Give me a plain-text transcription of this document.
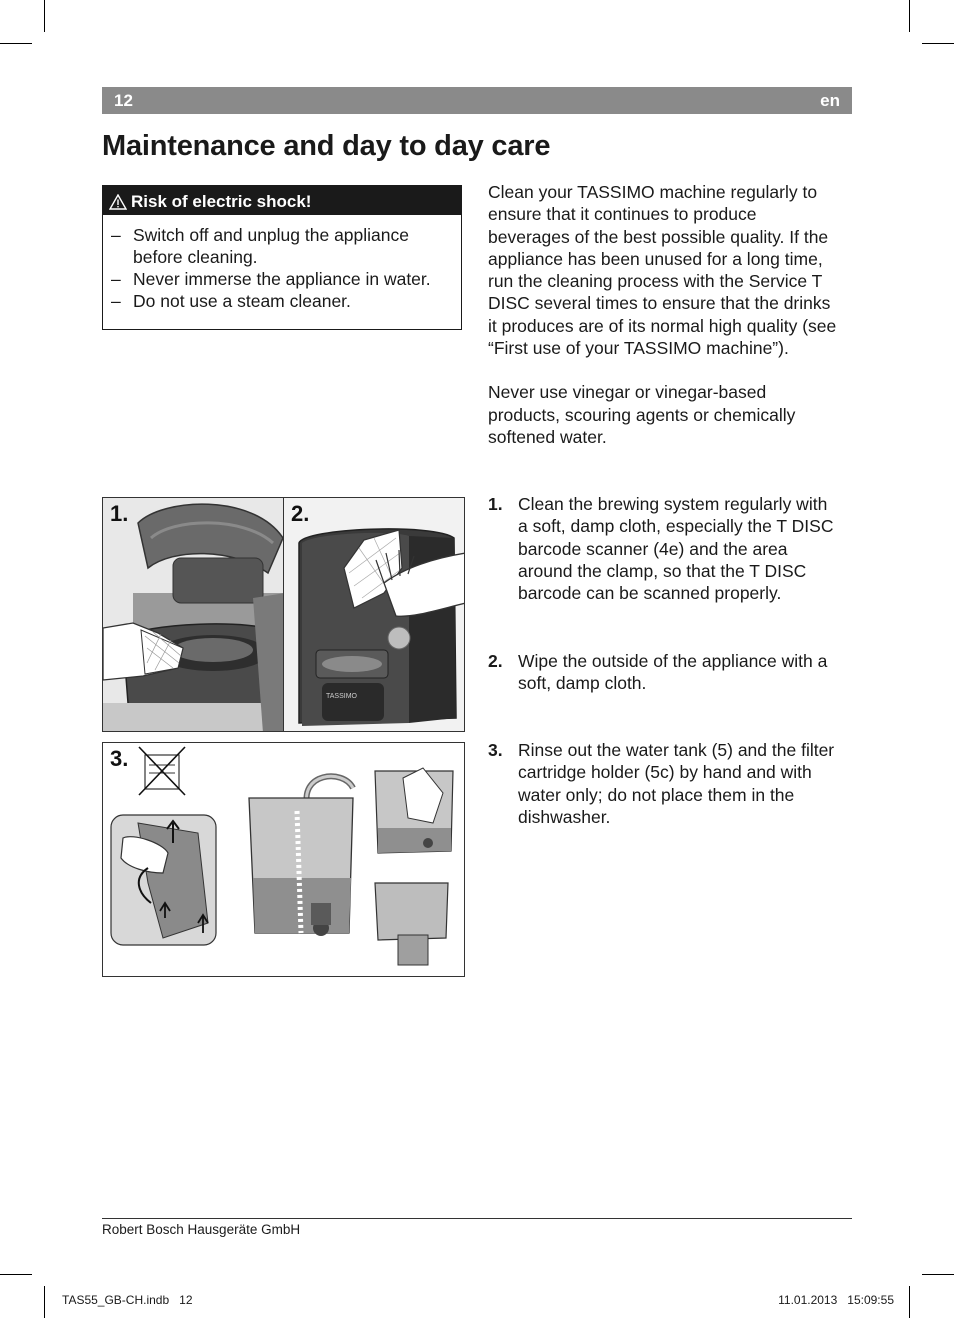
12	en
Maintenance and day to day care
Risk of electric shock!
– Switch off and unplug the appliance before cleaning.
– Never immerse the appliance in water.
– Do not use a steam cleaner.

Clean your TASSIMO machine regularly to ensure that it continues to produce beverages of the best possible quality. If the appliance has been unused for a long time, run the cleaning process with the Service T DISC several times to ensure that the drinks it produces are of its normal high quality (see “First use of your TASSIMO machine”).

Never use vinegar or vinegar-based products, scouring agents or chemically softened water.

1. Clean the brewing system regularly with a soft, damp cloth, especially the T DISC barcode scanner (4e) and the area around the clamp, so that the T DISC barcode can be scanned properly.
2. Wipe the outside of the appliance with a soft, damp cloth.
3. Rinse out the water tank (5) and the filter cartridge holder (5c) by hand and with water only; do not place them in the dishwasher.
1.
TASSIMO
2.
3.
Robert Bosch Hausgeräte GmbH
TAS55_GB-CH.indb   12	11.01.2013   15:09:55
